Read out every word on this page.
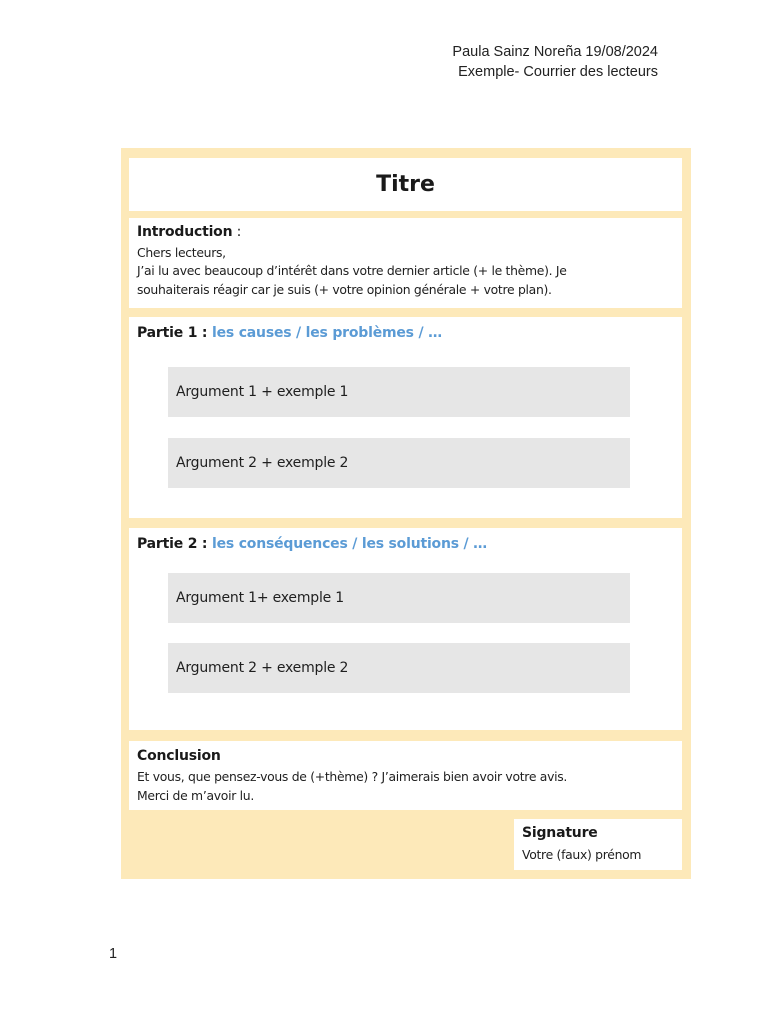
Paula Sainz Noreña 19/08/2024
Exemple- Courrier des lecteurs
Titre
Introduction :
Chers lecteurs,
J’ai lu avec beaucoup d’intérêt dans votre dernier article (+ le thème). Je
souhaiterais réagir car je suis (+ votre opinion générale + votre plan).
Partie 1 : les causes / les problèmes / …
Argument 1 + exemple 1
Argument 2 + exemple 2
Partie 2 : les conséquences / les solutions / …
Argument 1+ exemple 1
Argument 2 + exemple 2
Conclusion
Et vous, que pensez-vous de (+thème) ? J’aimerais bien avoir votre avis.
Merci de m’avoir lu.
Signature
Votre (faux) prénom
1
